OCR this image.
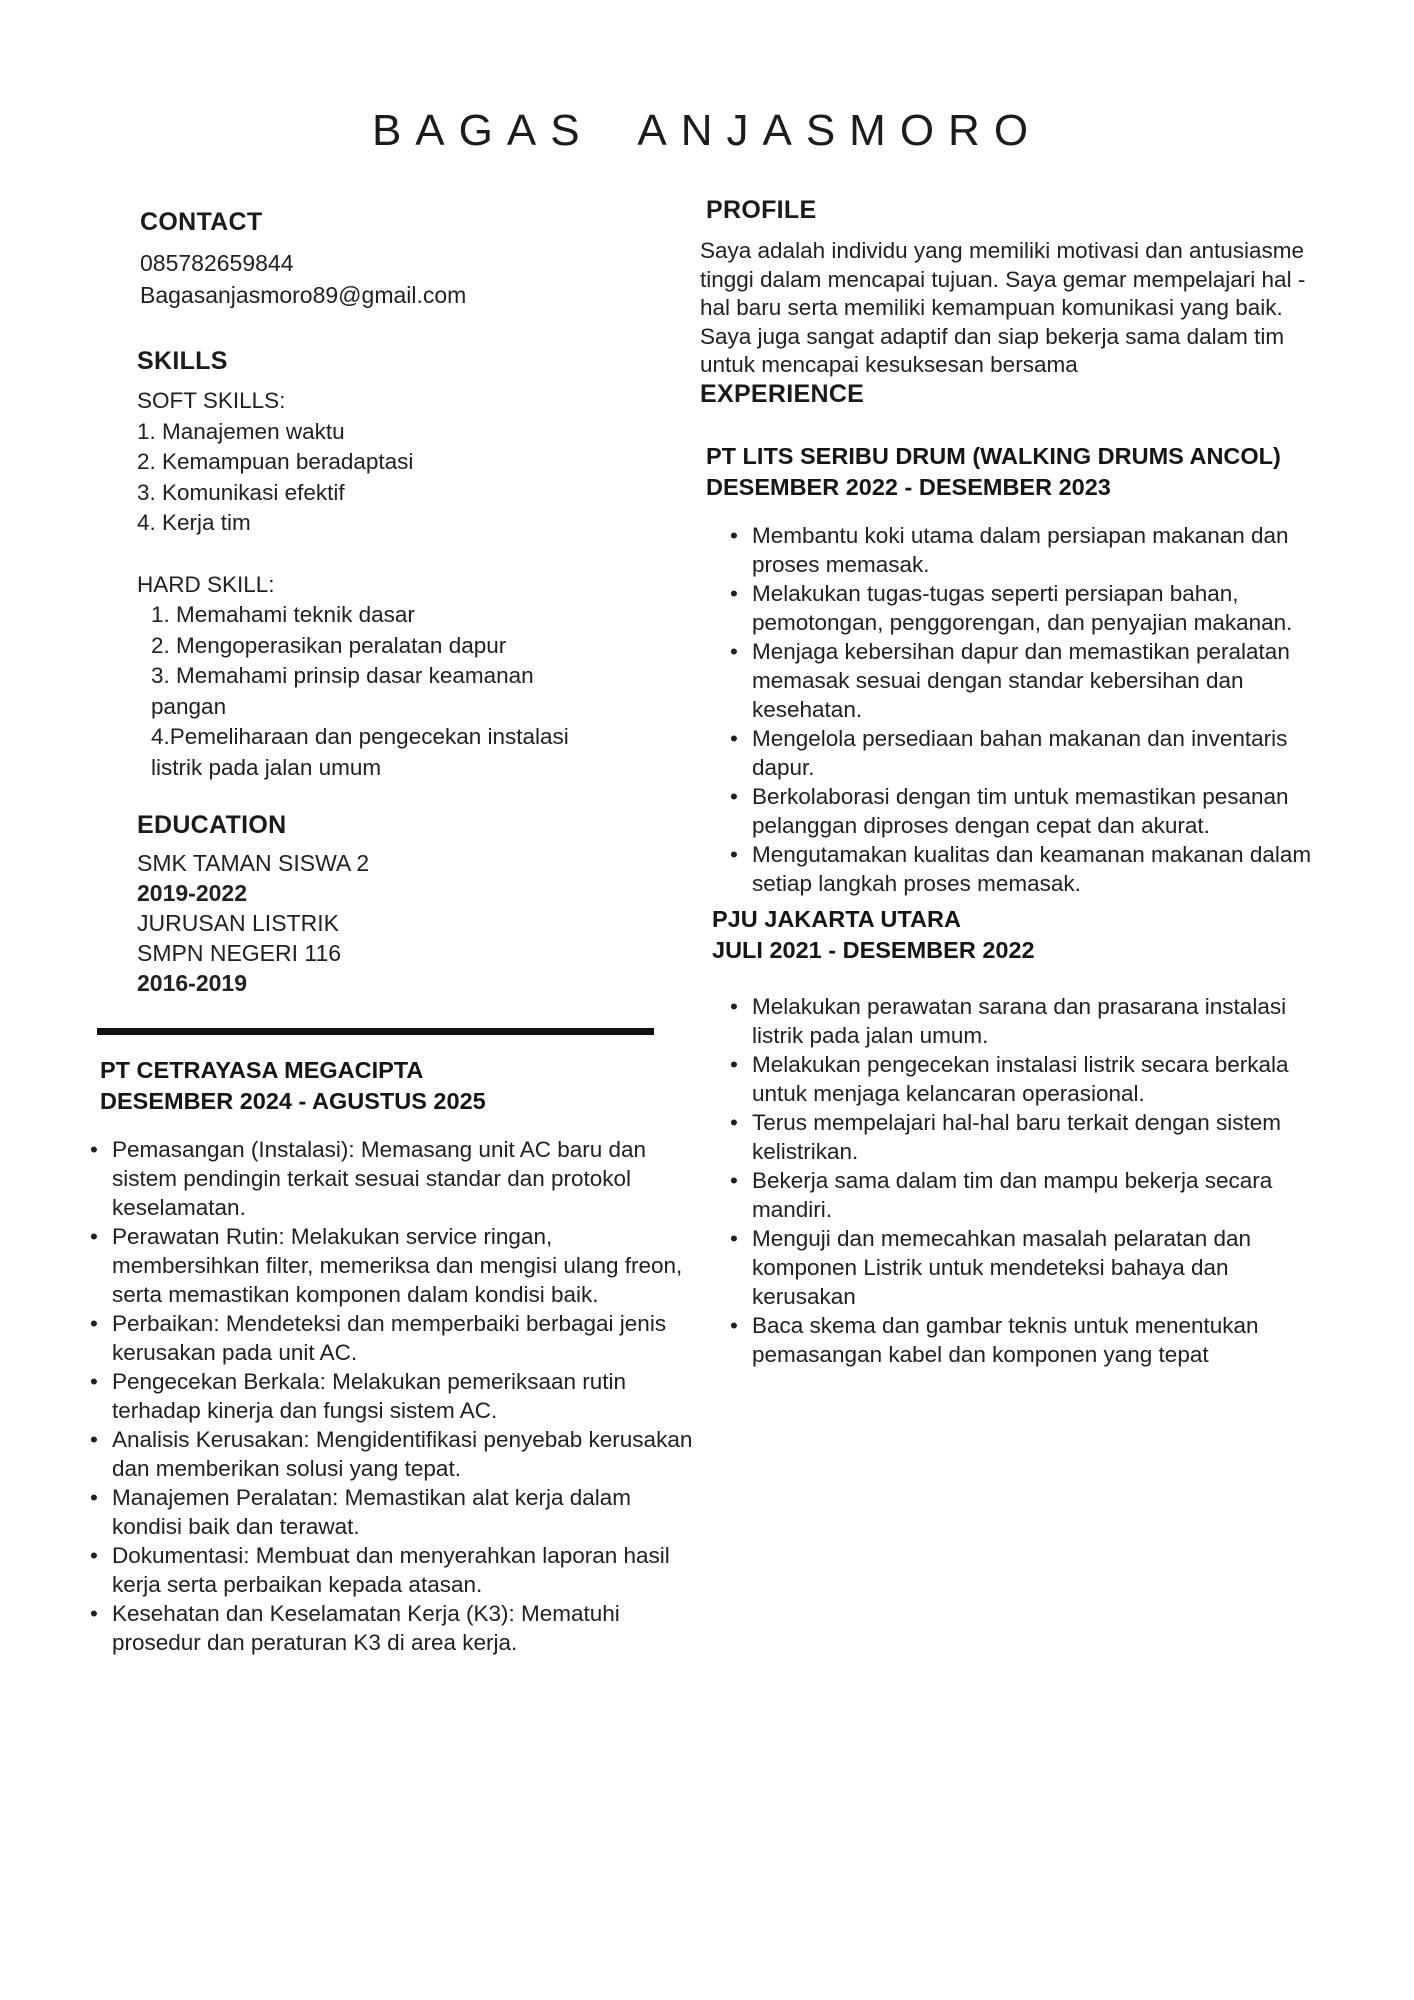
BAGAS ANJASMORO
CONTACT
085782659844
Bagasanjasmoro89@gmail.com
SKILLS
SOFT SKILLS:
1. Manajemen waktu
2. Kemampuan beradaptasi
3. Komunikasi efektif
4. Kerja tim
HARD SKILL:
1. Memahami teknik dasar
2. Mengoperasikan peralatan dapur
3. Memahami prinsip dasar keamanan pangan
4.Pemeliharaan dan pengecekan instalasi listrik pada jalan umum
EDUCATION
SMK TAMAN SISWA 2
2019-2022
JURUSAN LISTRIK
SMPN NEGERI 116
2016-2019
PT CETRAYASA MEGACIPTA
DESEMBER 2024 - AGUSTUS 2025
• Pemasangan (Instalasi): Memasang unit AC baru dan sistem pendingin terkait sesuai standar dan protokol keselamatan.
• Perawatan Rutin: Melakukan service ringan, membersihkan filter, memeriksa dan mengisi ulang freon, serta memastikan komponen dalam kondisi baik.
• Perbaikan: Mendeteksi dan memperbaiki berbagai jenis kerusakan pada unit AC.
• Pengecekan Berkala: Melakukan pemeriksaan rutin terhadap kinerja dan fungsi sistem AC.
• Analisis Kerusakan: Mengidentifikasi penyebab kerusakan dan memberikan solusi yang tepat.
• Manajemen Peralatan: Memastikan alat kerja dalam kondisi baik dan terawat.
• Dokumentasi: Membuat dan menyerahkan laporan hasil kerja serta perbaikan kepada atasan.
• Kesehatan dan Keselamatan Kerja (K3): Mematuhi prosedur dan peraturan K3 di area kerja.
PROFILE
Saya adalah individu yang memiliki motivasi dan antusiasme tinggi dalam mencapai tujuan. Saya gemar mempelajari hal - hal baru serta memiliki kemampuan komunikasi yang baik. Saya juga sangat adaptif dan siap bekerja sama dalam tim untuk mencapai kesuksesan bersama
EXPERIENCE
PT LITS SERIBU DRUM (WALKING DRUMS ANCOL)
DESEMBER 2022 - DESEMBER 2023
• Membantu koki utama dalam persiapan makanan dan proses memasak.
• Melakukan tugas-tugas seperti persiapan bahan, pemotongan, penggorengan, dan penyajian makanan.
• Menjaga kebersihan dapur dan memastikan peralatan memasak sesuai dengan standar kebersihan dan kesehatan.
• Mengelola persediaan bahan makanan dan inventaris dapur.
• Berkolaborasi dengan tim untuk memastikan pesanan pelanggan diproses dengan cepat dan akurat.
• Mengutamakan kualitas dan keamanan makanan dalam setiap langkah proses memasak.
PJU JAKARTA UTARA
JULI 2021 - DESEMBER 2022
• Melakukan perawatan sarana dan prasarana instalasi listrik pada jalan umum.
• Melakukan pengecekan instalasi listrik secara berkala untuk menjaga kelancaran operasional.
• Terus mempelajari hal-hal baru terkait dengan sistem kelistrikan.
• Bekerja sama dalam tim dan mampu bekerja secara mandiri.
• Menguji dan memecahkan masalah pelaratan dan komponen Listrik untuk mendeteksi bahaya dan kerusakan
• Baca skema dan gambar teknis untuk menentukan pemasangan kabel dan komponen yang tepat
